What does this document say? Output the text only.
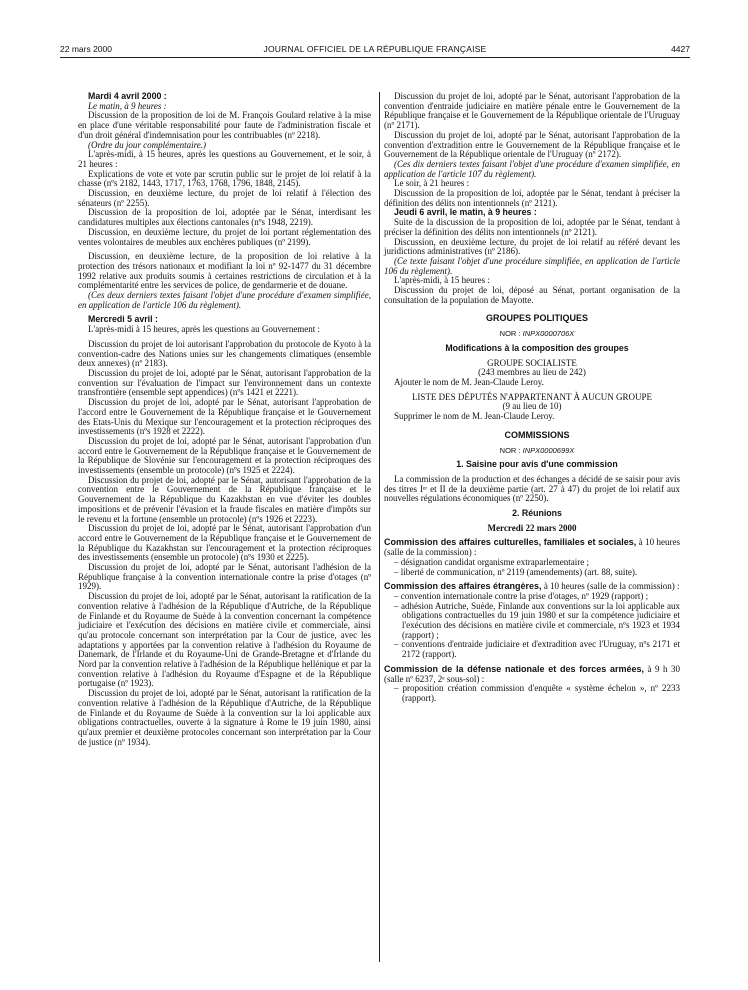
22 mars 2000	JOURNAL OFFICIEL DE LA RÉPUBLIQUE FRANÇAISE	4427

Mardi 4 avril 2000 :

Le matin, à 9 heures :

Discussion de la proposition de loi de M. François Goulard relative à la mise en place d'une véritable responsabilité pour faute de l'administration fiscale et d'un droit général d'indemnisation pour les contribuables (nº 2218).

(Ordre du jour complémentaire.)

L'après-midi, à 15 heures, après les questions au Gouvernement, et le soir, à 21 heures :

Explications de vote et vote par scrutin public sur le projet de loi relatif à la chasse (nºs 2182, 1443, 1717, 1763, 1768, 1796, 1848, 2145).

Discussion, en deuxième lecture, du projet de loi relatif à l'élection des sénateurs (nº 2255).

Discussion de la proposition de loi, adoptée par le Sénat, interdisant les candidatures multiples aux élections cantonales (nºs 1948, 2219).

Discussion, en deuxième lecture, du projet de loi portant réglementation des ventes volontaires de meubles aux enchères publiques (nº 2199).

Discussion, en deuxième lecture, de la proposition de loi relative à la protection des trésors nationaux et modifiant la loi nº 92-1477 du 31 décembre 1992 relative aux produits soumis à certaines restrictions de circulation et à la complémentarité entre les services de police, de gendarmerie et de douane.

(Ces deux derniers textes faisant l'objet d'une procédure d'examen simplifiée, en application de l'article 106 du règlement).

Mercredi 5 avril :

L'après-midi à 15 heures, après les questions au Gouvernement :

Discussion du projet de loi autorisant l'approbation du protocole de Kyoto à la convention-cadre des Nations unies sur les changements climatiques (ensemble deux annexes) (nº 2183).

Discussion du projet de loi, adopté par le Sénat, autorisant l'approbation de la convention sur l'évaluation de l'impact sur l'environnement dans un contexte transfrontière (ensemble sept appendices) (nºs 1421 et 2221).

Discussion du projet de loi, adopté par le Sénat, autorisant l'approbation de l'accord entre le Gouvernement de la République française et le Gouvernement des Etats-Unis du Mexique sur l'encouragement et la protection réciproques des investissements (nºs 1928 et 2222).

Discussion du projet de loi, adopté par le Sénat, autorisant l'approbation d'un accord entre le Gouvernement de la République française et le Gouvernement de la République de Slovénie sur l'encouragement et la protection réciproques des investissements (ensemble un protocole) (nºs 1925 et 2224).

Discussion du projet de loi, adopté par le Sénat, autorisant l'approbation de la convention entre le Gouvernement de la République française et le Gouvernement de la République du Kazakhstan en vue d'éviter les doubles impositions et de prévenir l'évasion et la fraude fiscales en matière d'impôts sur le revenu et la fortune (ensemble un protocole) (nºs 1926 et 2223).

Discussion du projet de loi, adopté par le Sénat, autorisant l'approbation d'un accord entre le Gouvernement de la République française et le Gouvernement de la République du Kazakhstan sur l'encouragement et la protection réciproques des investissements (ensemble un protocole) (nºs 1930 et 2225).

Discussion du projet de loi, adopté par le Sénat, autorisant l'adhésion de la République française à la convention internationale contre la prise d'otages (nº 1929).

Discussion du projet de loi, adopté par le Sénat, autorisant la ratification de la convention relative à l'adhésion de la République d'Autriche, de la République de Finlande et du Royaume de Suède à la convention concernant la compétence judiciaire et l'exécution des décisions en matière civile et commerciale, ainsi qu'au protocole concernant son interprétation par la Cour de justice, avec les adaptations y apportées par la convention relative à l'adhésion du Royaume de Danemark, de l'Irlande et du Royaume-Uni de Grande-Bretagne et d'Irlande du Nord par la convention relative à l'adhésion de la République hellénique et par la convention relative à l'adhésion du Royaume d'Espagne et de la République portugaise (nº 1923).

Discussion du projet de loi, adopté par le Sénat, autorisant la ratification de la convention relative à l'adhésion de la République d'Autriche, de la République de Finlande et du Royaume de Suède à la convention sur la loi applicable aux obligations contractuelles, ouverte à la signature à Rome le 19 juin 1980, ainsi qu'aux premier et deuxième protocoles concernant son interprétation par la Cour de justice (nº 1934).

Discussion du projet de loi, adopté par le Sénat, autorisant l'approbation de la convention d'entraide judiciaire en matière pénale entre le Gouvernement de la République française et le Gouvernement de la République orientale de l'Uruguay (nº 2171).

Discussion du projet de loi, adopté par le Sénat, autorisant l'approbation de la convention d'extradition entre le Gouvernement de la République française et le Gouvernement de la République orientale de l'Uruguay (nº 2172).

(Ces dix derniers textes faisant l'objet d'une procédure d'examen simplifiée, en application de l'article 107 du règlement).

Le soir, à 21 heures :

Discussion de la proposition de loi, adoptée par le Sénat, tendant à préciser la définition des délits non intentionnels (nº 2121).

Jeudi 6 avril, le matin, à 9 heures :

Suite de la discussion de la proposition de loi, adoptée par le Sénat, tendant à préciser la définition des délits non intentionnels (nº 2121).

Discussion, en deuxième lecture, du projet de loi relatif au référé devant les juridictions administratives (nº 2186).

(Ce texte faisant l'objet d'une procédure simplifiée, en application de l'article 106 du règlement).

L'après-midi, à 15 heures :

Discussion du projet de loi, déposé au Sénat, portant organisation de la consultation de la population de Mayotte.

GROUPES POLITIQUES

NOR : INPX0000706X

Modifications à la composition des groupes

GROUPE SOCIALISTE

(243 membres au lieu de 242)

Ajouter le nom de M. Jean-Claude Leroy.

LISTE DES DÉPUTÉS N'APPARTENANT À AUCUN GROUPE

(9 au lieu de 10)

Supprimer le nom de M. Jean-Claude Leroy.

COMMISSIONS

NOR : INPX0000699X

1. Saisine pour avis d'une commission

La commission de la production et des échanges a décidé de se saisir pour avis des titres Iᵉʳ et II de la deuxième partie (art. 27 à 47) du projet de loi relatif aux nouvelles régulations économiques (nº 2250).

2. Réunions

Mercredi 22 mars 2000

Commission des affaires culturelles, familiales et sociales, à 10 heures (salle de la commission) :

– désignation candidat organisme extraparlementaire ;
– liberté de communication, nº 2119 (amendements) (art. 88, suite).

Commission des affaires étrangères, à 10 heures (salle de la commission) :

– convention internationale contre la prise d'otages, nº 1929 (rapport) ;
– adhésion Autriche, Suède, Finlande aux conventions sur la loi applicable aux obligations contractuelles du 19 juin 1980 et sur la compétence judiciaire et l'exécution des décisions en matière civile et commerciale, nºs 1923 et 1934 (rapport) ;
– conventions d'entraide judiciaire et d'extradition avec l'Uruguay, nºs 2171 et 2172 (rapport).

Commission de la défense nationale et des forces armées, à 9 h 30 (salle nº 6237, 2ᵉ sous-sol) :

– proposition création commission d'enquête « système échelon », nº 2233 (rapport).
